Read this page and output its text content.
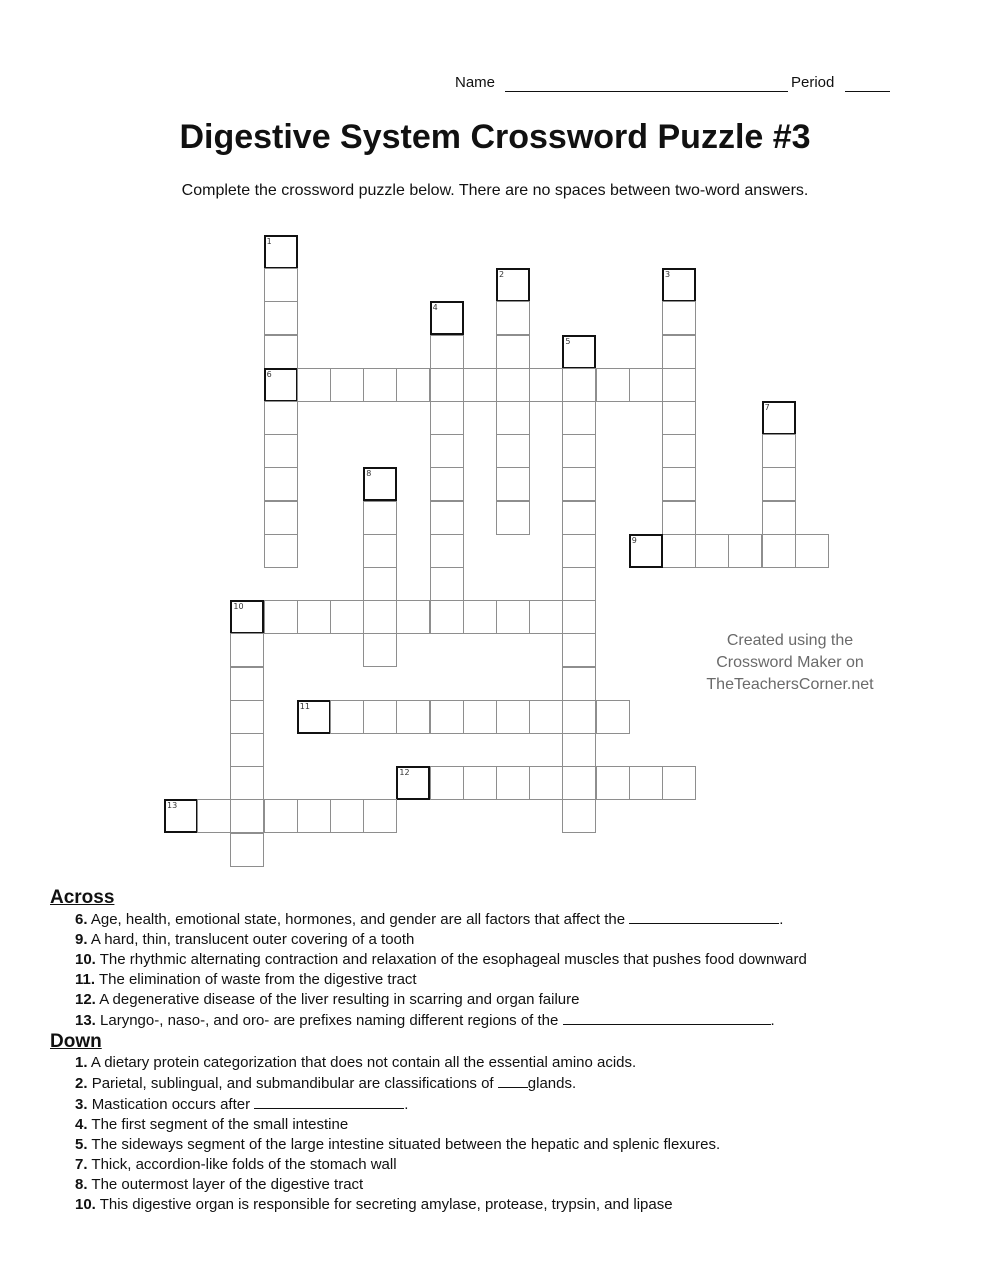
Name	Period
Digestive System Crossword Puzzle #3
Complete the crossword puzzle below. There are no spaces between two-word answers.
1
6
2	3
4
5
7
8
9
10
11
12
13
Created using the
Crossword Maker on
TheTeachersCorner.net
Across
6. Age, health, emotional state, hormones, and gender are all factors that affect the	.
9. A hard, thin, translucent outer covering of a tooth
10. The rhythmic alternating contraction and relaxation of the esophageal muscles that pushes food downward
11. The elimination of waste from the digestive tract
12. A degenerative disease of the liver resulting in scarring and organ failure
13. Laryngo-, naso-, and oro- are prefixes naming different regions of the	.
Down
1. A dietary protein categorization that does not contain all the essential amino acids.
2. Parietal, sublingual, and submandibular are classifications of glands.
3. Mastication occurs after	.
4. The first segment of the small intestine
5. The sideways segment of the large intestine situated between the hepatic and splenic flexures.
7. Thick, accordion-like folds of the stomach wall
8. The outermost layer of the digestive tract
10. This digestive organ is responsible for secreting amylase, protease, trypsin, and lipase
